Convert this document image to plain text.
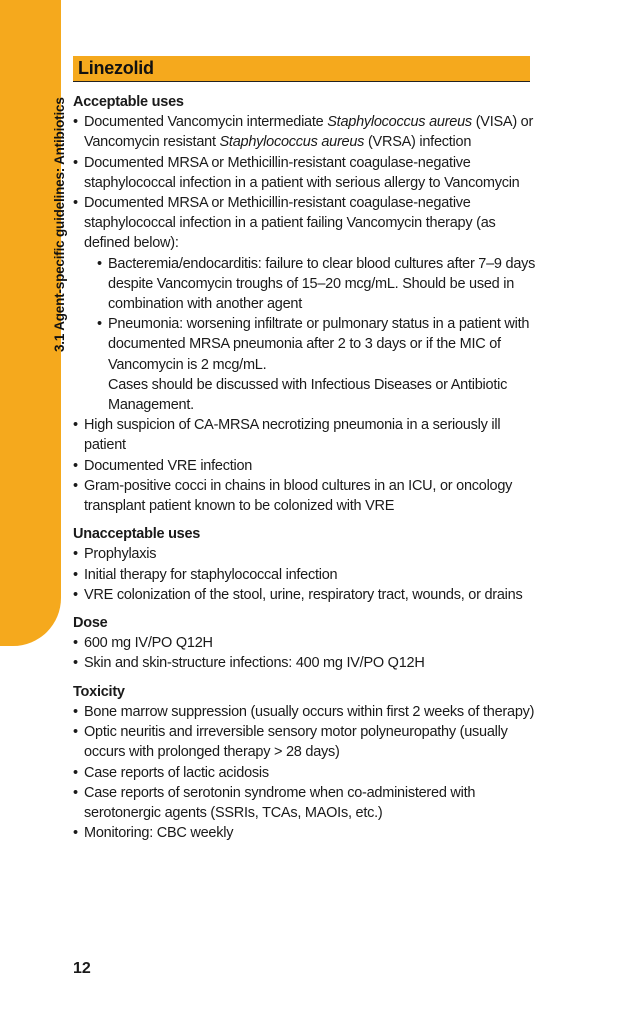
3.1 Agent-specific guidelines: Antibiotics
Linezolid
Acceptable uses
• Documented Vancomycin intermediate Staphylococcus aureus (VISA) or Vancomycin resistant Staphylococcus aureus (VRSA) infection
• Documented MRSA or Methicillin-resistant coagulase-negative staphylococcal infection in a patient with serious allergy to Vancomycin
• Documented MRSA or Methicillin-resistant coagulase-negative staphylococcal infection in a patient failing Vancomycin therapy (as defined below):
• Bacteremia/endocarditis: failure to clear blood cultures after 7–9 days despite Vancomycin troughs of 15–20 mcg/mL. Should be used in combination with another agent
• Pneumonia: worsening infiltrate or pulmonary status in a patient with documented MRSA pneumonia after 2 to 3 days or if the MIC of Vancomycin is 2 mcg/mL.
Cases should be discussed with Infectious Diseases or Antibiotic Management.
• High suspicion of CA-MRSA necrotizing pneumonia in a seriously ill patient
• Documented VRE infection
• Gram-positive cocci in chains in blood cultures in an ICU, or oncology transplant patient known to be colonized with VRE
Unacceptable uses
• Prophylaxis
• Initial therapy for staphylococcal infection
• VRE colonization of the stool, urine, respiratory tract, wounds, or drains
Dose
• 600 mg IV/PO Q12H
• Skin and skin-structure infections: 400 mg IV/PO Q12H
Toxicity
• Bone marrow suppression (usually occurs within first 2 weeks of therapy)
• Optic neuritis and irreversible sensory motor polyneuropathy (usually occurs with prolonged therapy > 28 days)
• Case reports of lactic acidosis
• Case reports of serotonin syndrome when co-administered with serotonergic agents (SSRIs, TCAs, MAOIs, etc.)
• Monitoring: CBC weekly
12
